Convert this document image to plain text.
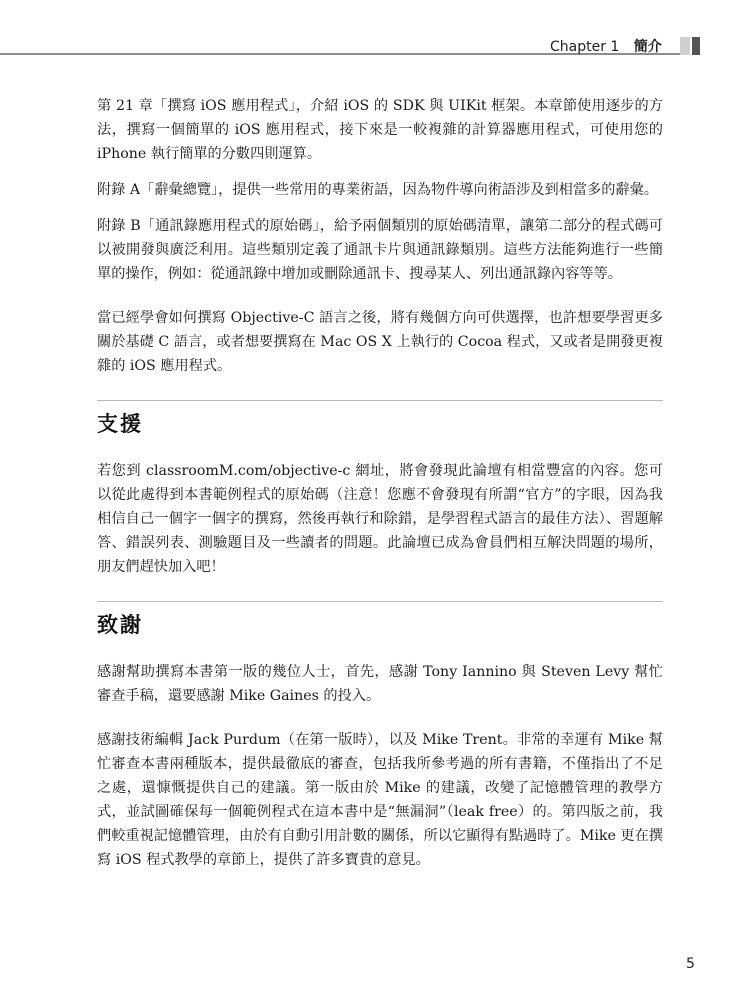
Chapter 1 簡介

第 21 章「撰寫 iOS 應用程式」，介紹 iOS 的 SDK 與 UIKit 框架。本章節使用逐步的方法，撰寫一個簡單的 iOS 應用程式，接下來是一較複雜的計算器應用程式，可使用您的 iPhone 執行簡單的分數四則運算。

附錄 A「辭彙總覽」，提供一些常用的專業術語，因為物件導向術語涉及到相當多的辭彙。

附錄 B「通訊錄應用程式的原始碼」，給予兩個類別的原始碼清單，讓第二部分的程式碼可以被開發與廣泛利用。這些類別定義了通訊卡片與通訊錄類別。這些方法能夠進行一些簡單的操作，例如：從通訊錄中增加或刪除通訊卡、搜尋某人、列出通訊錄內容等等。

當已經學會如何撰寫 Objective-C 語言之後，將有幾個方向可供選擇，也許想要學習更多關於基礎 C 語言，或者想要撰寫在 Mac OS X 上執行的 Cocoa 程式，又或者是開發更複雜的 iOS 應用程式。

支援

若您到 classroomM.com/objective-c 網址，將會發現此論壇有相當豐富的內容。您可以從此處得到本書範例程式的原始碼（注意！您應不會發現有所謂“官方”的字眼，因為我相信自己一個字一個字的撰寫，然後再執行和除錯，是學習程式語言的最佳方法）、習題解答、錯誤列表、測驗題目及一些讀者的問題。此論壇已成為會員們相互解決問題的場所，朋友們趕快加入吧！

致謝

感謝幫助撰寫本書第一版的幾位人士，首先，感謝 Tony Iannino 與 Steven Levy 幫忙審查手稿，還要感謝 Mike Gaines 的投入。

感謝技術編輯 Jack Purdum（在第一版時），以及 Mike Trent。非常的幸運有 Mike 幫忙審查本書兩種版本，提供最徹底的審查，包括我所參考過的所有書籍，不僅指出了不足之處，還慷慨提供自己的建議。第一版由於 Mike 的建議，改變了記憶體管理的教學方式，並試圖確保每一個範例程式在這本書中是“無漏洞”（leak free）的。第四版之前，我們較重視記憶體管理，由於有自動引用計數的關係，所以它顯得有點過時了。Mike 更在撰寫 iOS 程式教學的章節上，提供了許多寶貴的意見。

5
